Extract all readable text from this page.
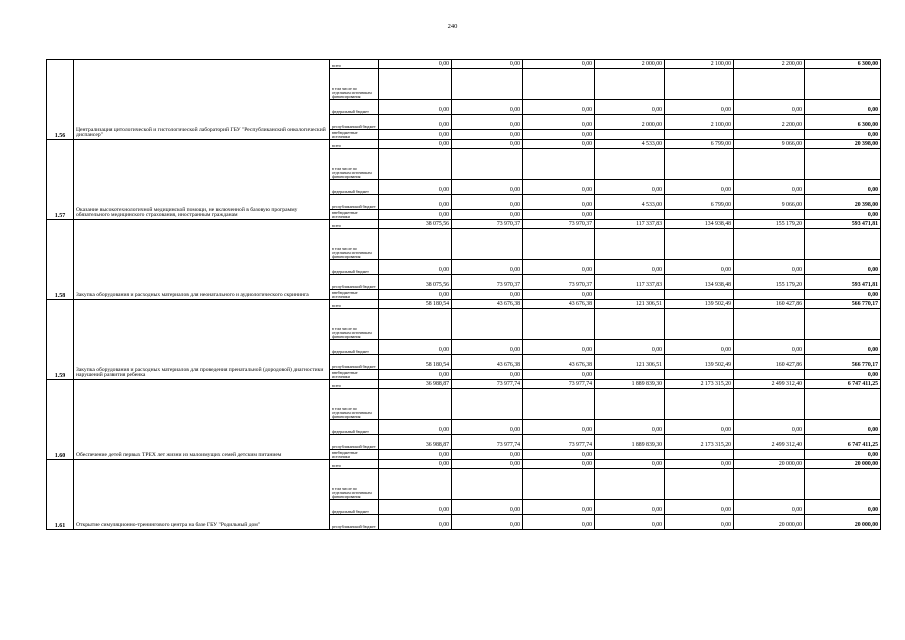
240
1.56	Централизация цитологической и гистологической лабораторий ГБУ "Республиканский онкологический диспансер"	всего	0,00	0,00	0,00	2 000,00	2 100,00	2 200,00	6 300,00
		в том числе по отдельным источникам финансирования							
		федеральный бюджет	0,00	0,00	0,00	0,00	0,00	0,00	0,00
		республиканский бюджет	0,00	0,00	0,00	2 000,00	2 100,00	2 200,00	6 300,00
		внебюджетные источники	0,00	0,00	0,00				0,00
1.57	Оказание высокотехнологичной медицинской помощи, не включенной в базовую программу обязательного медицинского страхования, иностранным гражданам	всего	0,00	0,00	0,00	4 533,00	6 799,00	9 066,00	20 398,00
		в том числе по отдельным источникам финансирования							
		федеральный бюджет	0,00	0,00	0,00	0,00	0,00	0,00	0,00
		республиканский бюджет	0,00	0,00	0,00	4 533,00	6 799,00	9 066,00	20 398,00
		внебюджетные источники	0,00	0,00	0,00				0,00
1.58	Закупка оборудования и расходных материалов для неонатального и аудиологического скрининга	всего	38 075,56	73 970,37	73 970,37	117 337,83	134 938,48	155 179,20	593 471,81
		в том числе по отдельным источникам финансирования							
		федеральный бюджет	0,00	0,00	0,00	0,00	0,00	0,00	0,00
		республиканский бюджет	38 075,56	73 970,37	73 970,37	117 337,83	134 938,48	155 179,20	593 471,81
		внебюджетные источники	0,00	0,00	0,00				0,00
1.59	Закупка оборудования и расходных материалов для проведения пренатальной (дородовой) диагностики нарушений развития ребенка	всего	58 180,54	43 676,38	43 676,38	121 306,51	139 502,49	160 427,86	566 770,17
		в том числе по отдельным источникам финансирования							
		федеральный бюджет	0,00	0,00	0,00	0,00	0,00	0,00	0,00
		республиканский бюджет	58 180,54	43 676,38	43 676,38	121 306,51	139 502,49	160 427,86	566 770,17
		внебюджетные источники	0,00	0,00	0,00				0,00
1.60	Обеспечение детей первых ТРЕХ лет жизни из малоимущих семей детским питанием	всего	36 988,87	73 977,74	73 977,74	1 889 839,30	2 173 315,20	2 499 312,40	6 747 411,25
		в том числе по отдельным источникам финансирования							
		федеральный бюджет	0,00	0,00	0,00	0,00	0,00	0,00	0,00
		республиканский бюджет	36 988,87	73 977,74	73 977,74	1 889 839,30	2 173 315,20	2 499 312,40	6 747 411,25
		внебюджетные источники	0,00	0,00	0,00				0,00
1.61	Открытие симуляционно-тренингового центра на базе ГБУ "Родильный дом"	всего	0,00	0,00	0,00	0,00	0,00	20 000,00	20 000,00
		в том числе по отдельным источникам финансирования							
		федеральный бюджет	0,00	0,00	0,00	0,00	0,00	0,00	0,00
		республиканский бюджет	0,00	0,00	0,00	0,00	0,00	20 000,00	20 000,00
